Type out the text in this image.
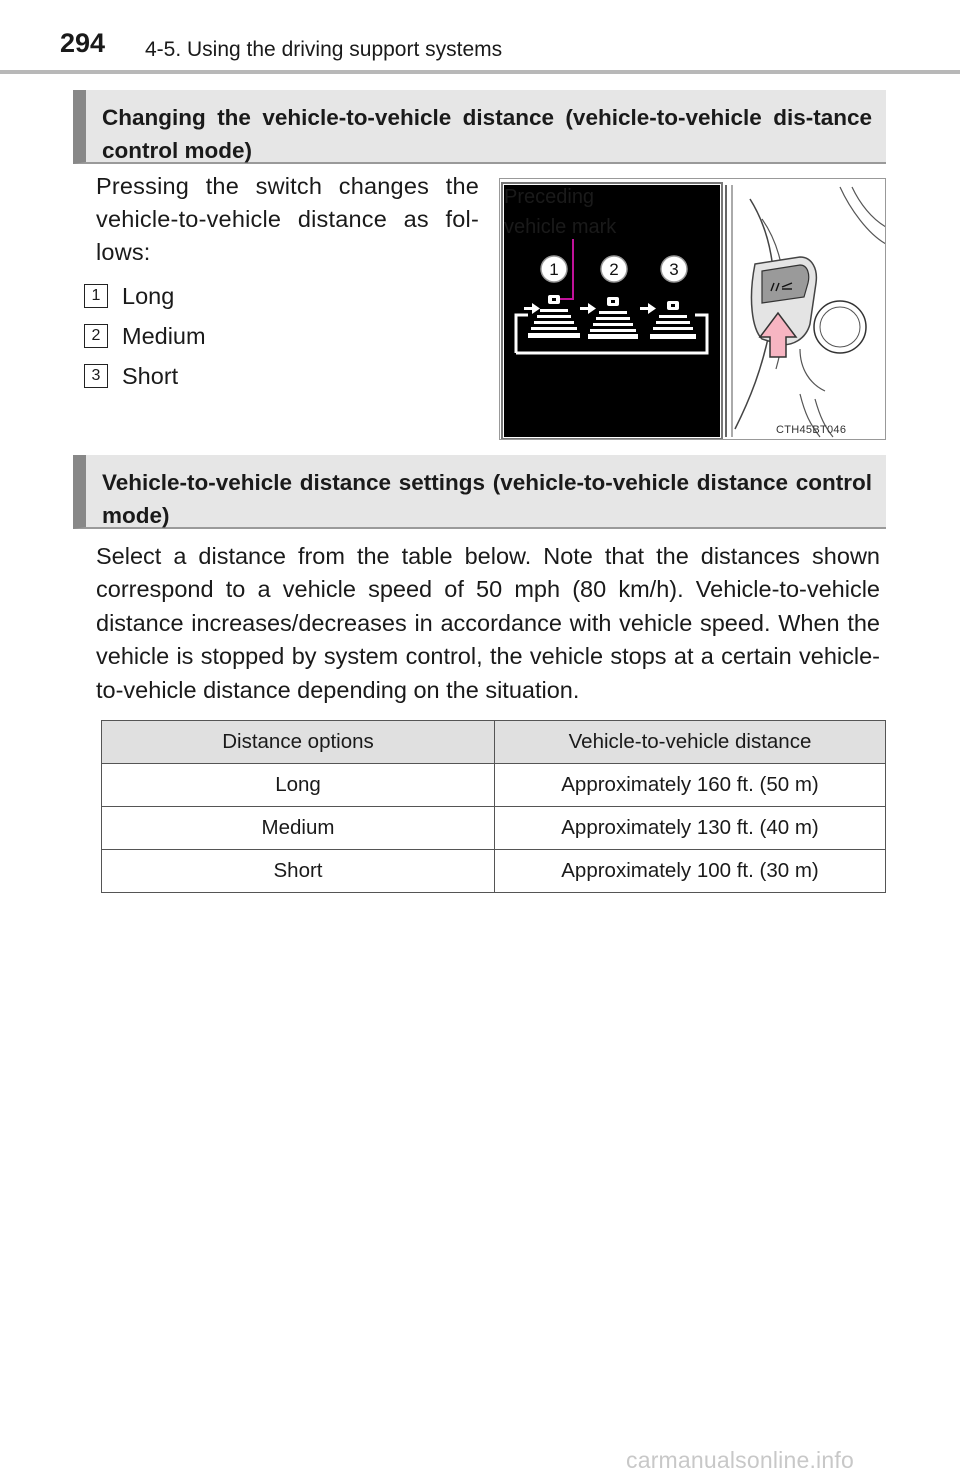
294 4-5. Using the driving support systems
Changing the vehicle-to-vehicle distance (vehicle-to-vehicle dis-tance control mode)
Pressing the switch changes the vehicle-to-vehicle distance as fol-lows:
1 Long
2 Medium
3 Short
1	2	3
Preceding
vehicle mark
CTH45BT046
Vehicle-to-vehicle distance settings (vehicle-to-vehicle distance control mode)
Select a distance from the table below. Note that the distances shown correspond to a vehicle speed of 50 mph (80 km/h). Vehicle-to-vehicle distance increases/decreases in accordance with vehicle speed. When the vehicle is stopped by system control, the vehicle stops at a certain vehicle-to-vehicle distance depending on the situation.
Distance options	Vehicle-to-vehicle distance
Long	Approximately 160 ft. (50 m)
Medium	Approximately 130 ft. (40 m)
Short	Approximately 100 ft. (30 m)
carmanualsonline.info
